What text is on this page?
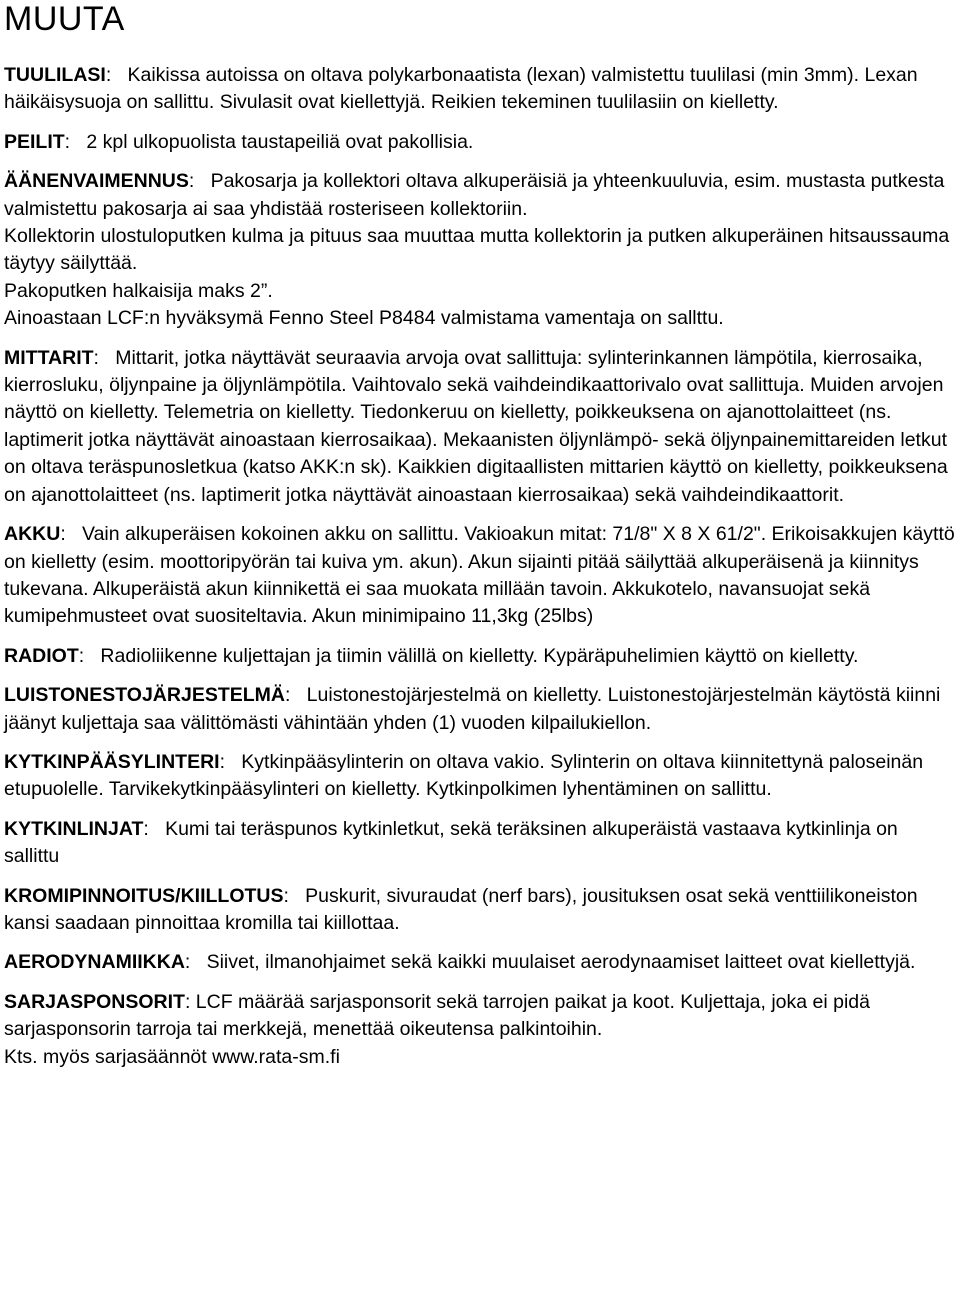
MUUTA

TUULILASI:   Kaikissa autoissa on oltava polykarbonaatista (lexan) valmistettu tuulilasi (min 3mm). Lexan häikäisysuoja on sallittu. Sivulasit ovat kiellettyjä. Reikien tekeminen tuulilasiin on kielletty.

PEILIT:   2 kpl ulkopuolista taustapeiliä ovat pakollisia.

ÄÄNENVAIMENNUS:   Pakosarja ja kollektori oltava alkuperäisiä ja yhteenkuuluvia, esim. mustasta putkesta valmistettu pakosarja ai saa yhdistää rosteriseen kollektoriin.

Kollektorin ulostuloputken kulma ja pituus saa muuttaa mutta kollektorin ja putken alkuperäinen hitsaussauma täytyy säilyttää.

Pakoputken halkaisija maks 2”.

Ainoastaan LCF:n hyväksymä Fenno Steel P8484 valmistama vamentaja on sallttu.

MITTARIT:   Mittarit, jotka näyttävät seuraavia arvoja ovat sallittuja: sylinterinkannen lämpötila, kierrosaika, kierrosluku, öljynpaine ja öljynlämpötila. Vaihtovalo sekä vaihdeindikaattorivalo ovat sallittuja. Muiden arvojen näyttö on kielletty. Telemetria on kielletty. Tiedonkeruu on kielletty, poikkeuksena on ajanottolaitteet (ns. laptimerit jotka näyttävät ainoastaan kierrosaikaa). Mekaanisten öljynlämpö- sekä öljynpainemittareiden letkut on oltava teräspunosletkua (katso AKK:n sk). Kaikkien digitaallisten mittarien käyttö on kielletty, poikkeuksena on ajanottolaitteet (ns. laptimerit jotka näyttävät ainoastaan kierrosaikaa) sekä vaihdeindikaattorit.

AKKU:   Vain alkuperäisen kokoinen akku on sallittu. Vakioakun mitat: 71/8" X 8 X 61/2". Erikoisakkujen käyttö on kielletty (esim. moottoripyörän tai kuiva ym. akun). Akun sijainti pitää säilyttää alkuperäisenä ja kiinnitys tukevana. Alkuperäistä akun kiinnikettä ei saa muokata millään tavoin. Akkukotelo, navansuojat sekä kumipehmusteet ovat suositeltavia. Akun minimipaino 11,3kg (25lbs)

RADIOT:   Radioliikenne kuljettajan ja tiimin välillä on kielletty. Kypäräpuhelimien käyttö on kielletty.

LUISTONESTOJÄRJESTELMÄ:   Luistonestojärjestelmä on kielletty. Luistonestojärjestelmän käytöstä kiinni jäänyt kuljettaja saa välittömästi vähintään yhden (1) vuoden kilpailukiellon.

KYTKINPÄÄSYLINTERI:   Kytkinpääsylinterin on oltava vakio. Sylinterin on oltava kiinnitettynä paloseinän etupuolelle. Tarvikekytkinpääsylinteri on kielletty. Kytkinpolkimen lyhentäminen on sallittu.

KYTKINLINJAT:   Kumi tai teräspunos kytkinletkut, sekä teräksinen alkuperäistä vastaava kytkinlinja on sallittu

KROMIPINNOITUS/KIILLOTUS:   Puskurit, sivuraudat (nerf bars), jousituksen osat sekä venttiilikoneiston kansi saadaan pinnoittaa kromilla tai kiillottaa.

AERODYNAMIIKKA:   Siivet, ilmanohjaimet sekä kaikki muulaiset aerodynaamiset laitteet ovat kiellettyjä.

SARJASPONSORIT: LCF määrää sarjasponsorit sekä tarrojen paikat ja koot. Kuljettaja, joka ei pidä sarjasponsorin tarroja tai merkkejä, menettää oikeutensa palkintoihin.

Kts. myös sarjasäännöt www.rata-sm.fi
